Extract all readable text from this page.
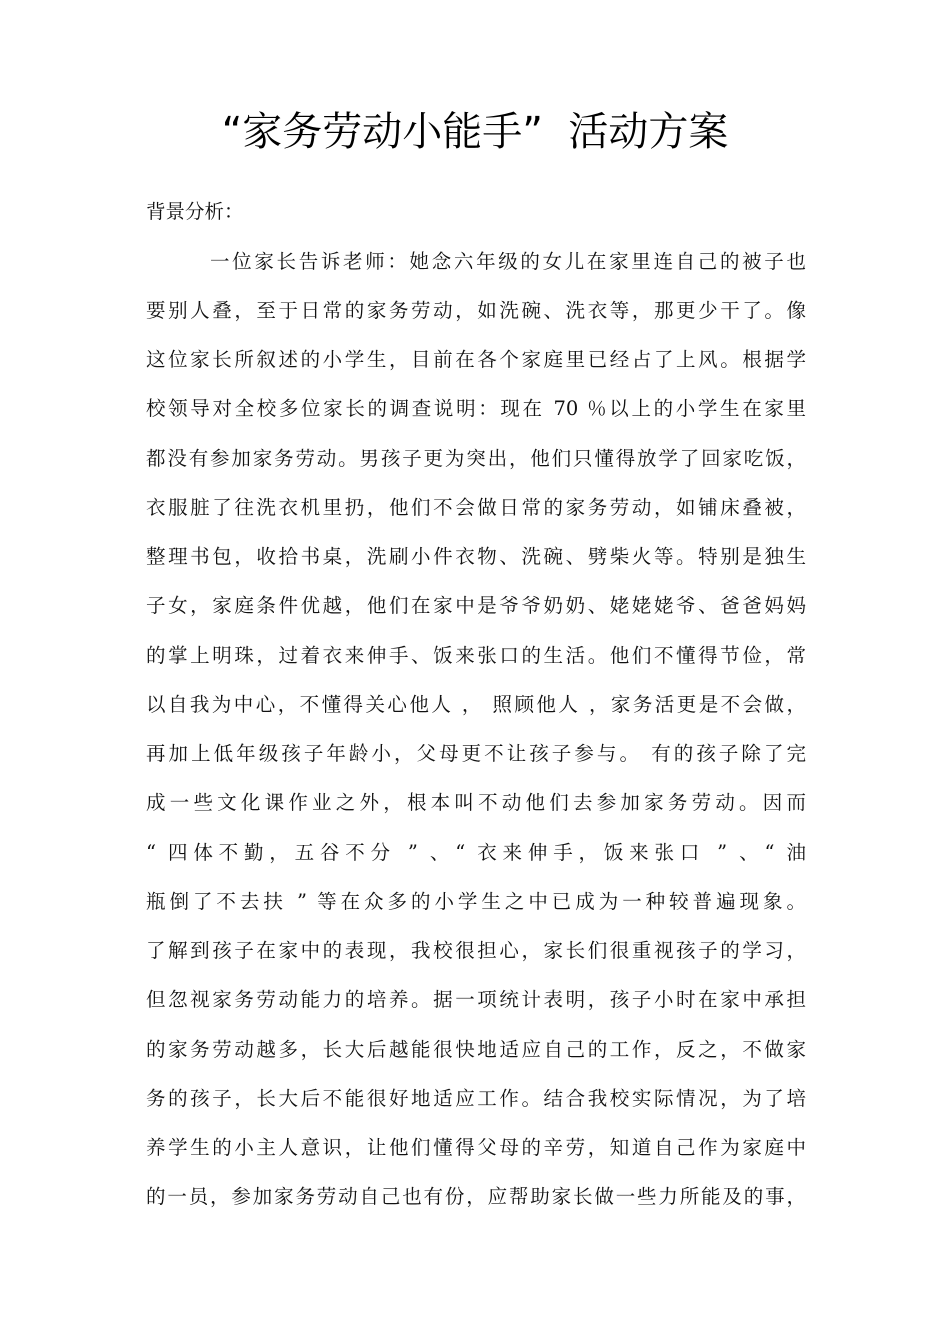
“家务劳动小能手”  活动方案
背景分析：
一位家长告诉老师：她念六年级的女儿在家里连自己的被子也
要别人叠，至于日常的家务劳动，如洗碗、洗衣等，那更少干了。像
这位家长所叙述的小学生，目前在各个家庭里已经占了上风。根据学
校领导对全校多位家长的调查说明：现在 70 ％以上的小学生在家里
都没有参加家务劳动。男孩子更为突出，他们只懂得放学了回家吃饭，
衣服脏了往洗衣机里扔，他们不会做日常的家务劳动，如铺床叠被，
整理书包，收拾书桌，洗刷小件衣物、洗碗、劈柴火等。特别是独生
子女，家庭条件优越，他们在家中是爷爷奶奶、姥姥姥爷、爸爸妈妈
的掌上明珠，过着衣来伸手、饭来张口的生活。他们不懂得节俭，常
以自我为中心，不懂得关心他人 ， 照顾他人 ，家务活更是不会做，
再加上低年级孩子年龄小，父母更不让孩子参与。 有的孩子除了完
成一些文化课作业之外，根本叫不动他们去参加家务劳动。因而
“ 四体不勤，五谷不分 ” 、“ 衣来伸手，饭来张口 ” 、“ 油
瓶倒了不去扶 ” 等在众多的小学生之中已成为一种较普遍现象。
了解到孩子在家中的表现，我校很担心，家长们很重视孩子的学习，
但忽视家务劳动能力的培养。据一项统计表明，孩子小时在家中承担
的家务劳动越多，长大后越能很快地适应自己的工作，反之，不做家
务的孩子，长大后不能很好地适应工作。结合我校实际情况，为了培
养学生的小主人意识，让他们懂得父母的辛劳，知道自己作为家庭中
的一员，参加家务劳动自己也有份，应帮助家长做一些力所能及的事，
